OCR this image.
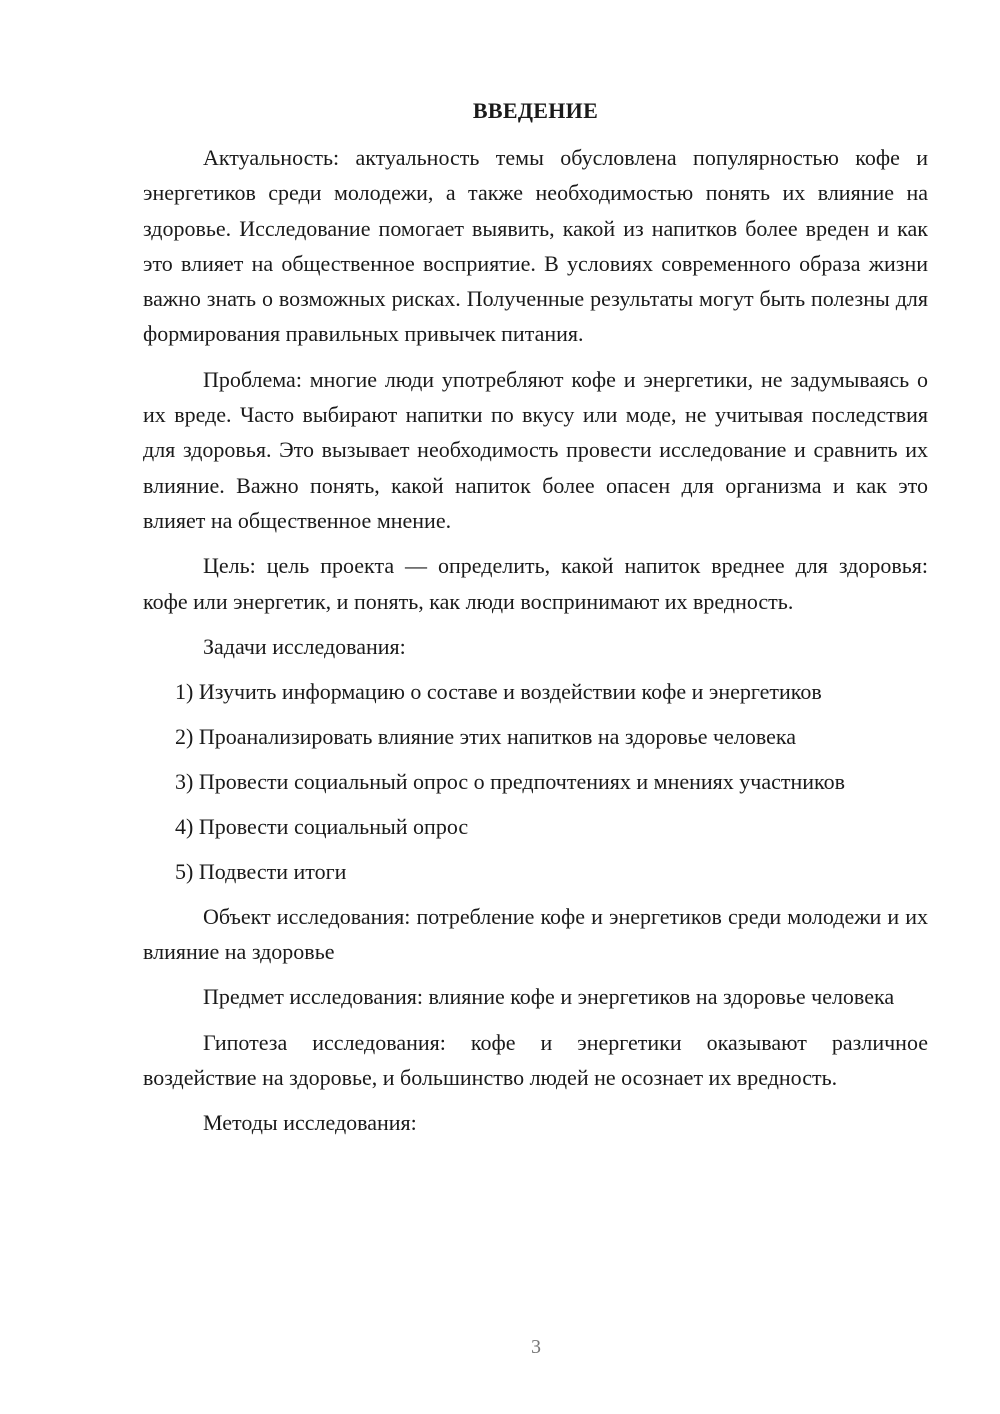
ВВЕДЕНИЕ

Актуальность: актуальность темы обусловлена популярностью кофе и энергетиков среди молодежи, а также необходимостью понять их влияние на здоровье. Исследование помогает выявить, какой из напитков более вреден и как это влияет на общественное восприятие. В условиях современного образа жизни важно знать о возможных рисках. Полученные результаты могут быть полезны для формирования правильных привычек питания.

Проблема: многие люди употребляют кофе и энергетики, не задумываясь о их вреде. Часто выбирают напитки по вкусу или моде, не учитывая последствия для здоровья. Это вызывает необходимость провести исследование и сравнить их влияние. Важно понять, какой напиток более опасен для организма и как это влияет на общественное мнение.

Цель: цель проекта — определить, какой напиток вреднее для здоровья: кофе или энергетик, и понять, как люди воспринимают их вредность.

Задачи исследования:
1) Изучить информацию о составе и воздействии кофе и энергетиков
2) Проанализировать влияние этих напитков на здоровье человека
3) Провести социальный опрос о предпочтениях и мнениях участников
4) Провести социальный опрос
5) Подвести итоги

Объект исследования: потребление кофе и энергетиков среди молодежи и их влияние на здоровье

Предмет исследования: влияние кофе и энергетиков на здоровье человека

Гипотеза исследования: кофе и энергетики оказывают различное воздействие на здоровье, и большинство людей не осознает их вредность.

Методы исследования:

3
